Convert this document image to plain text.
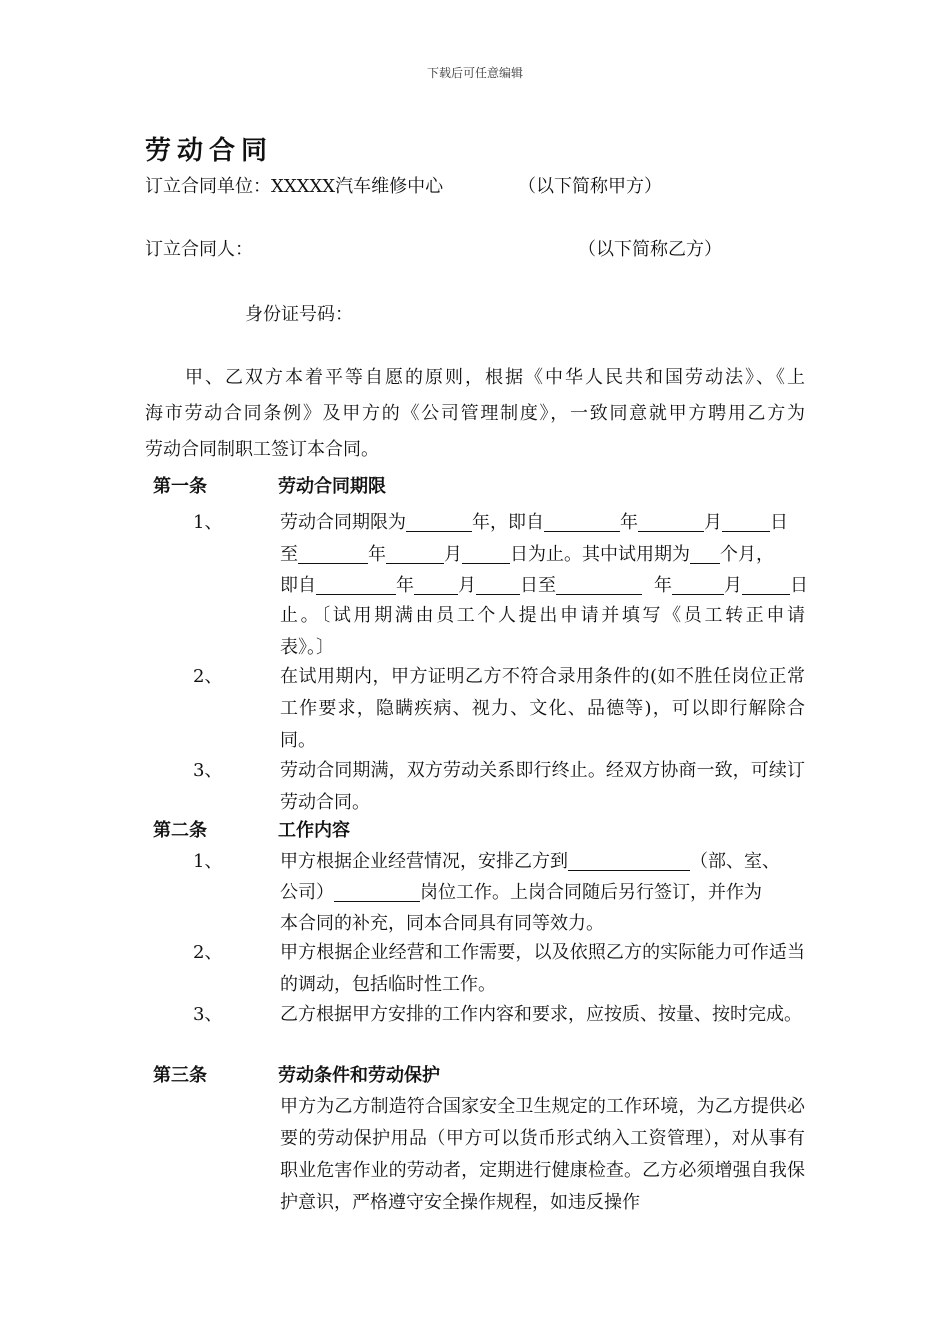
下载后可任意编辑
劳动合同
订立合同单位：XXXXX汽车维修中心	（以下简称甲方）
订立合同人：	（以下简称乙方）
身份证号码：
甲、乙双方本着平等自愿的原则，根据《中华人民共和国劳动法》、《上
海市劳动合同条例》及甲方的《公司管理制度》，一致同意就甲方聘用乙方为
劳动合同制职工签订本合同。
第一条	劳动合同期限
1、	劳动合同期限为	年，即自	年	月	日
至	年	月	日为止。其中试用期为 个月，
即自	年 月 日至	年	月	日
止。〔试用期满由员工个人提出申请并填写《员工转正申请
表》。〕
2、	在试用期内，甲方证明乙方不符合录用条件的(如不胜任岗位正常工作要求，隐瞒疾病、视力、文化、品德等)，可以即行解除合同。
3、	劳动合同期满，双方劳动关系即行终止。经双方协商一致，可续订劳动合同。
第二条	工作内容
1、	甲方根据企业经营情况，安排乙方到	（部、室、
公司）	岗位工作。上岗合同随后另行签订，并作为
本合同的补充，同本合同具有同等效力。
2、	甲方根据企业经营和工作需要，以及依照乙方的实际能力可作适当的调动，包括临时性工作。
3、	乙方根据甲方安排的工作内容和要求，应按质、按量、按时完成。
第三条	劳动条件和劳动保护
甲方为乙方制造符合国家安全卫生规定的工作环境，为乙方提供必要的劳动保护用品（甲方可以货币形式纳入工资管理），对从事有职业危害作业的劳动者，定期进行健康检查。乙方必须增强自我保护意识，严格遵守安全操作规程，如违反操作
